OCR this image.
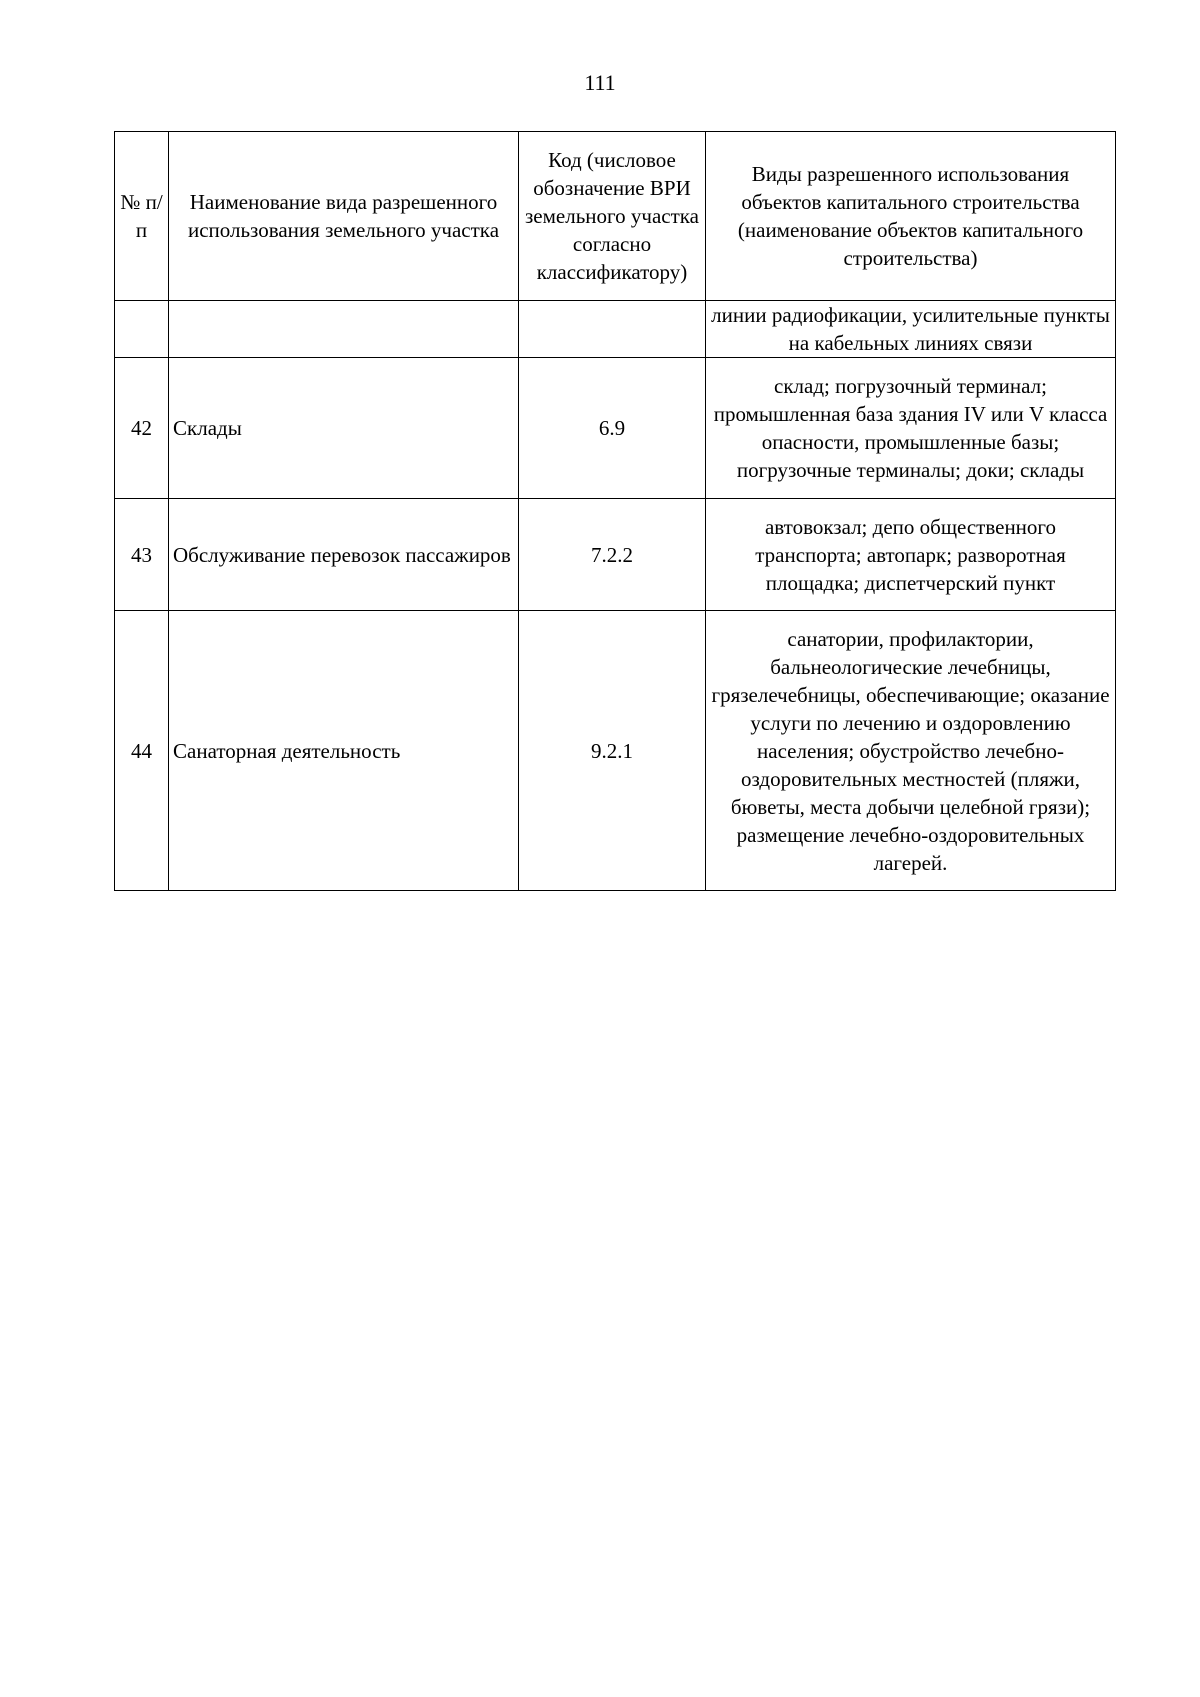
111
№ п/п	Наименование вида разрешенного использования земельного участка	Код (числовое обозначение ВРИ земельного участка согласно классификатору)	Виды разрешенного использования объектов капитального строительства (наименование объектов капитального строительства)
			линии радиофикации, усилительные пункты на кабельных линиях связи
42	Склады	6.9	склад; погрузочный терминал; промышленная база здания IV или V класса опасности, промышленные базы; погрузочные терминалы; доки; склады
43	Обслуживание перевозок пассажиров	7.2.2	автовокзал; депо общественного транспорта; автопарк; разворотная площадка; диспетчерский пункт
44	Санаторная деятельность	9.2.1	санатории, профилактории, бальнеологические лечебницы, грязелечебницы, обеспечивающие; оказание услуги по лечению и оздоровлению населения; обустройство лечебно-оздоровительных местностей (пляжи, бюветы, места добычи целебной грязи); размещение лечебно-оздоровительных лагерей.
